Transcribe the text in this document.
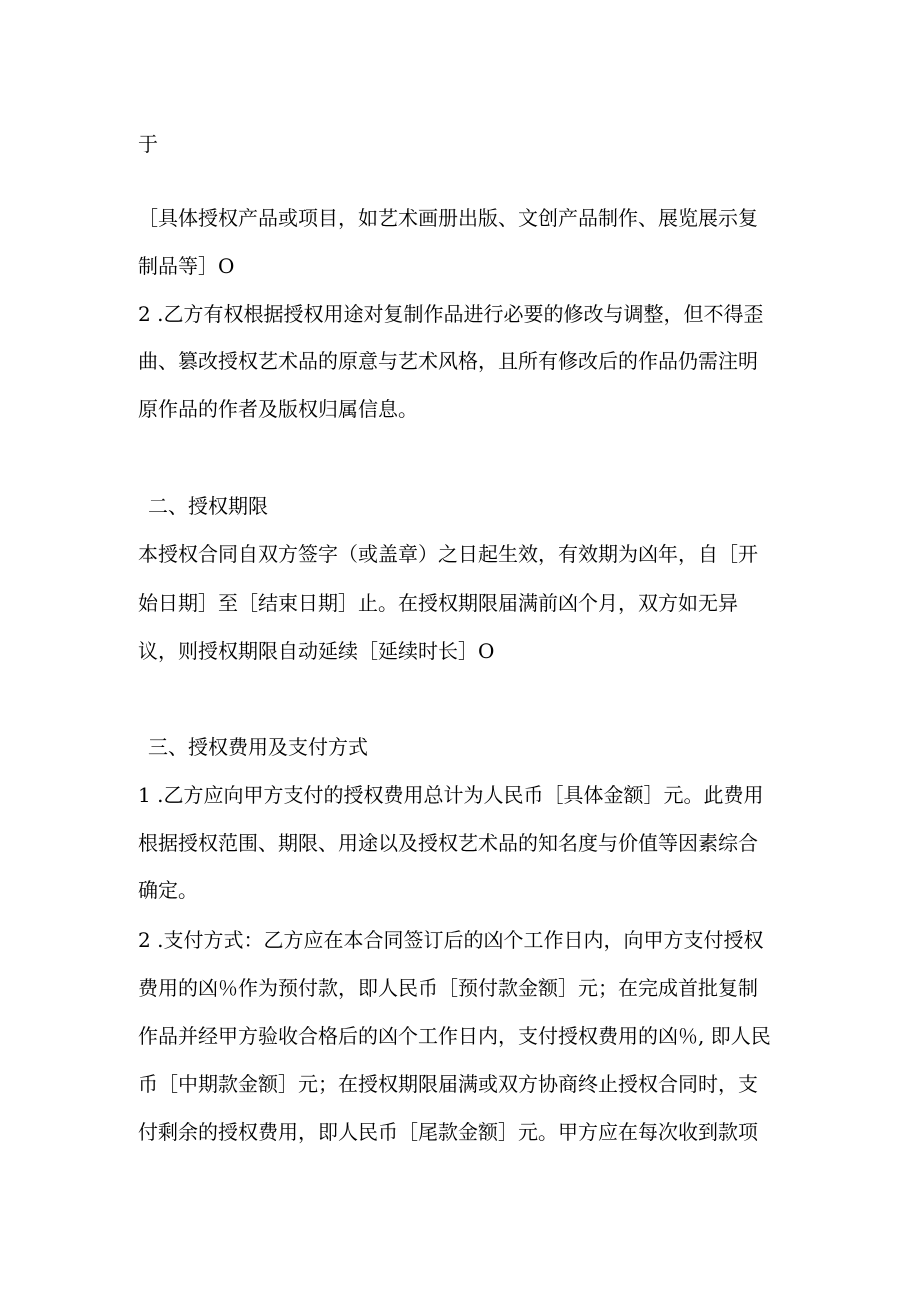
于

［具体授权产品或项目，如艺术画册出版、文创产品制作、展览展示复

制品等］O

2 .乙方有权根据授权用途对复制作品进行必要的修改与调整，但不得歪

曲、篡改授权艺术品的原意与艺术风格，且所有修改后的作品仍需注明

原作品的作者及版权归属信息。

二、授权期限

本授权合同自双方签字（或盖章）之日起生效，有效期为凶年，自［开

始日期］至［结束日期］止。在授权期限届满前凶个月，双方如无异

议，则授权期限自动延续［延续时长］O

三、授权费用及支付方式

1 .乙方应向甲方支付的授权费用总计为人民币［具体金额］元。此费用

根据授权范围、期限、用途以及授权艺术品的知名度与价值等因素综合

确定。

2 .支付方式：乙方应在本合同签订后的凶个工作日内，向甲方支付授权

费用的凶％作为预付款，即人民币［预付款金额］元；在完成首批复制

作品并经甲方验收合格后的凶个工作日内，支付授权费用的凶％, 即人民

币［中期款金额］元；在授权期限届满或双方协商终止授权合同时，支

付剩余的授权费用，即人民币［尾款金额］元。甲方应在每次收到款项
